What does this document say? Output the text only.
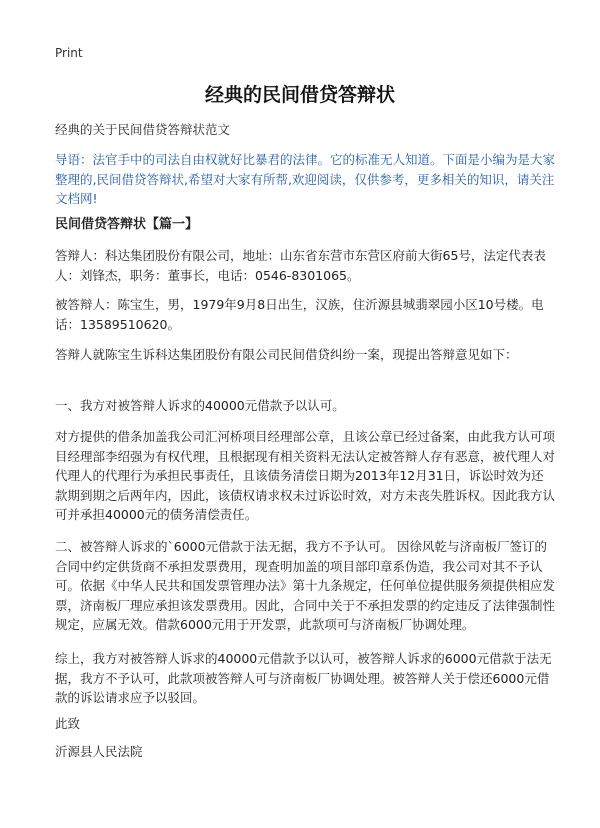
Print
经典的民间借贷答辩状

经典的关于民间借贷答辩状范文

导语：法官手中的司法自由权就好比暴君的法律。它的标准无人知道。下面是小编为是大家整理的,民间借贷答辩状,希望对大家有所帮,欢迎阅读，仅供参考，更多相关的知识，请关注文档网!

民间借贷答辩状【篇一】

答辩人：科达集团股份有限公司，地址：山东省东营市东营区府前大街65号，法定代表表人：刘锋杰，职务：董事长，电话：0546-8301065。

被答辩人：陈宝生，男，1979年9月8日出生，汉族，住沂源县城翡翠园小区10号楼。电话：13589510620。

答辩人就陈宝生诉科达集团股份有限公司民间借贷纠纷一案，现提出答辩意见如下：

一、我方对被答辩人诉求的40000元借款予以认可。

对方提供的借条加盖我公司汇河桥项目经理部公章，且该公章已经过备案，由此我方认可项目经理部李绍强为有权代理，且根据现有相关资料无法认定被答辩人存有恶意，被代理人对代理人的代理行为承担民事责任，且该债务清偿日期为2013年12月31日，诉讼时效为还款期到期之后两年内，因此，该债权请求权未过诉讼时效，对方未丧失胜诉权。因此我方认可并承担40000元的债务清偿责任。

二、被答辩人诉求的`6000元借款于法无据，我方不予认可。 因徐风乾与济南板厂签订的合同中约定供货商不承担发票费用，现查明加盖的项目部印章系伪造，我公司对其不予认可。依据《中华人民共和国发票管理办法》第十九条规定，任何单位提供服务须提供相应发票，济南板厂理应承担该发票费用。因此，合同中关于不承担发票的约定违反了法律强制性规定，应属无效。借款6000元用于开发票，此款项可与济南板厂协调处理。

综上，我方对被答辩人诉求的40000元借款予以认可，被答辩人诉求的6000元借款于法无据，我方不予认可，此款项被答辩人可与济南板厂协调处理。被答辩人关于偿还6000元借款的诉讼请求应予以驳回。

此致

沂源县人民法院
